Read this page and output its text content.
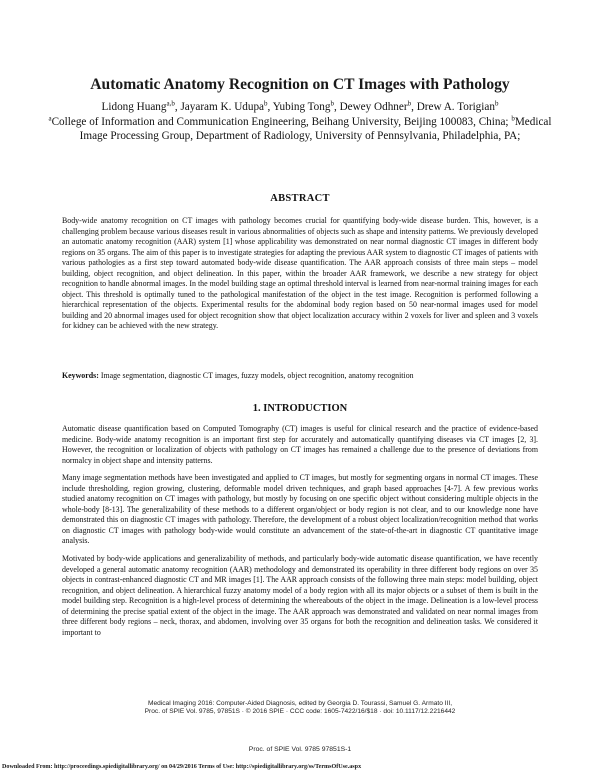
Automatic Anatomy Recognition on CT Images with Pathology
Lidong Huang$^{a,b}$, Jayaram K. Udupa$^b$, Yubing Tong$^b$, Dewey Odhner$^b$, Drew A. Torigian$^b$
$^a$College of Information and Communication Engineering, Beihang University, Beijing 100083, China; $^b$Medical Image Processing Group, Department of Radiology, University of Pennsylvania, Philadelphia, PA;
ABSTRACT

Body-wide anatomy recognition on CT images with pathology becomes crucial for quantifying body-wide disease burden. This, however, is a challenging problem because various diseases result in various abnormalities of objects such as shape and intensity patterns. We previously developed an automatic anatomy recognition (AAR) system [1] whose applicability was demonstrated on near normal diagnostic CT images in different body regions on 35 organs. The aim of this paper is to investigate strategies for adapting the previous AAR system to diagnostic CT images of patients with various pathologies as a first step toward automated body-wide disease quantification. The AAR approach consists of three main steps – model building, object recognition, and object delineation. In this paper, within the broader AAR framework, we describe a new strategy for object recognition to handle abnormal images. In the model building stage an optimal threshold interval is learned from near-normal training images for each object. This threshold is optimally tuned to the pathological manifestation of the object in the test image. Recognition is performed following a hierarchical representation of the objects. Experimental results for the abdominal body region based on 50 near-normal images used for model building and 20 abnormal images used for object recognition show that object localization accuracy within 2 voxels for liver and spleen and 3 voxels for kidney can be achieved with the new strategy.

Keywords: Image segmentation, diagnostic CT images, fuzzy models, object recognition, anatomy recognition

1. INTRODUCTION

Automatic disease quantification based on Computed Tomography (CT) images is useful for clinical research and the practice of evidence-based medicine. Body-wide anatomy recognition is an important first step for accurately and automatically quantifying diseases via CT images [2, 3]. However, the recognition or localization of objects with pathology on CT images has remained a challenge due to the presence of deviations from normalcy in object shape and intensity patterns.

Many image segmentation methods have been investigated and applied to CT images, but mostly for segmenting organs in normal CT images. These include thresholding, region growing, clustering, deformable model driven techniques, and graph based approaches [4-7]. A few previous works studied anatomy recognition on CT images with pathology, but mostly by focusing on one specific object without considering multiple objects in the whole-body [8-13]. The generalizability of these methods to a different organ/object or body region is not clear, and to our knowledge none have demonstrated this on diagnostic CT images with pathology. Therefore, the development of a robust object localization/recognition method that works on diagnostic CT images with pathology body-wide would constitute an advancement of the state-of-the-art in diagnostic CT quantitative image analysis.

Motivated by body-wide applications and generalizability of methods, and particularly body-wide automatic disease quantification, we have recently developed a general automatic anatomy recognition (AAR) methodology and demonstrated its operability in three different body regions on over 35 objects in contrast-enhanced diagnostic CT and MR images [1]. The AAR approach consists of the following three main steps: model building, object recognition, and object delineation. A hierarchical fuzzy anatomy model of a body region with all its major objects or a subset of them is built in the model building step. Recognition is a high-level process of determining the whereabouts of the object in the image. Delineation is a low-level process of determining the precise spatial extent of the object in the image. The AAR approach was demonstrated and validated on near normal images from three different body regions – neck, thorax, and abdomen, involving over 35 organs for both the recognition and delineation tasks. We considered it important to

Medical Imaging 2016: Computer-Aided Diagnosis, edited by Georgia D. Tourassi, Samuel G. Armato III,
Proc. of SPIE Vol. 9785, 97851S · © 2016 SPIE · CCC code: 1605-7422/16/$18 · doi: 10.1117/12.2216442
Proc. of SPIE Vol. 9785 97851S-1
Downloaded From: http://proceedings.spiedigitallibrary.org/ on 04/29/2016 Terms of Use: http://spiedigitallibrary.org/ss/TermsOfUse.aspx
